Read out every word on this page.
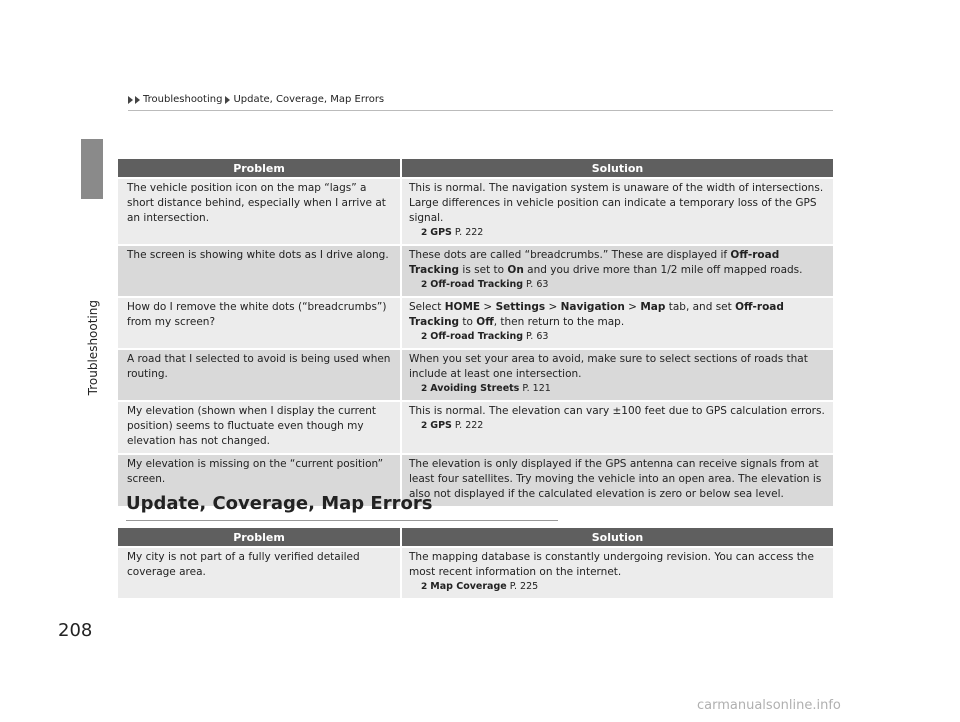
Troubleshooting
Troubleshooting Update, Coverage, Map Errors
Problem	Solution
The vehicle position icon on the map “lags” a short distance behind, especially when I arrive at an intersection.	This is normal. The navigation system is unaware of the width of intersections. Large differences in vehicle position can indicate a temporary loss of the GPS signal.
2 GPS P. 222

The screen is showing white dots as I drive along.	These dots are called “breadcrumbs.” These are displayed if Off-road Tracking is set to On and you drive more than 1/2 mile off mapped roads.
2 Off-road Tracking P. 63

How do I remove the white dots (“breadcrumbs”) from my screen?	Select HOME > Settings > Navigation > Map tab, and set Off-road Tracking to Off, then return to the map.
2 Off-road Tracking P. 63

A road that I selected to avoid is being used when routing.	When you set your area to avoid, make sure to select sections of roads that include at least one intersection.
2 Avoiding Streets P. 121

My elevation (shown when I display the current position) seems to fluctuate even though my elevation has not changed.	This is normal. The elevation can vary ±100 feet due to GPS calculation errors.
2 GPS P. 222

My elevation is missing on the “current position” screen.	The elevation is only displayed if the GPS antenna can receive signals from at least four satellites. Try moving the vehicle into an open area. The elevation is also not displayed if the calculated elevation is zero or below sea level.
Update, Coverage, Map Errors
Problem	Solution
My city is not part of a fully verified detailed coverage area.	The mapping database is constantly undergoing revision. You can access the most recent information on the internet.
2 Map Coverage P. 225
208
carmanualsonline.info
